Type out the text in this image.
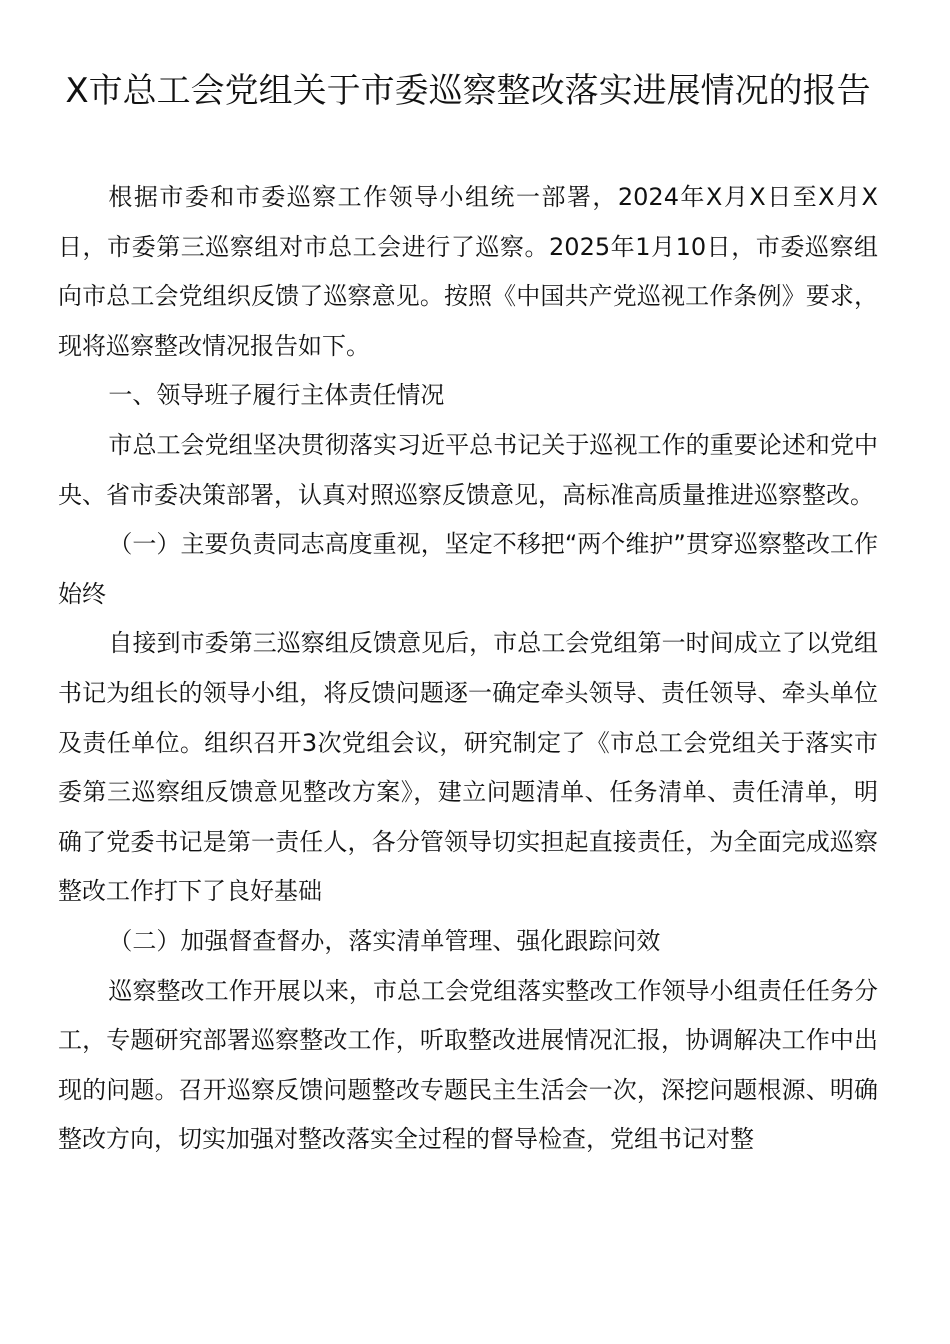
X市总工会党组关于市委巡察整改落实进展情况的报告

根据市委和市委巡察工作领导小组统一部署，2024年X月X日至X月X日，市委第三巡察组对市总工会进行了巡察。2025年1月10日，市委巡察组向市总工会党组织反馈了巡察意见。按照《中国共产党巡视工作条例》要求，现将巡察整改情况报告如下。

一、领导班子履行主体责任情况

市总工会党组坚决贯彻落实习近平总书记关于巡视工作的重要论述和党中央、省市委决策部署，认真对照巡察反馈意见，高标准高质量推进巡察整改。

（一）主要负责同志高度重视，坚定不移把“两个维护”贯穿巡察整改工作始终

自接到市委第三巡察组反馈意见后，市总工会党组第一时间成立了以党组书记为组长的领导小组，将反馈问题逐一确定牵头领导、责任领导、牵头单位及责任单位。组织召开3次党组会议，研究制定了《市总工会党组关于落实市委第三巡察组反馈意见整改方案》，建立问题清单、任务清单、责任清单，明确了党委书记是第一责任人，各分管领导切实担起直接责任，为全面完成巡察整改工作打下了良好基础

（二）加强督查督办，落实清单管理、强化跟踪问效

巡察整改工作开展以来，市总工会党组落实整改工作领导小组责任任务分工，专题研究部署巡察整改工作，听取整改进展情况汇报，协调解决工作中出现的问题。召开巡察反馈问题整改专题民主生活会一次，深挖问题根源、明确整改方向，切实加强对整改落实全过程的督导检查，党组书记对整
